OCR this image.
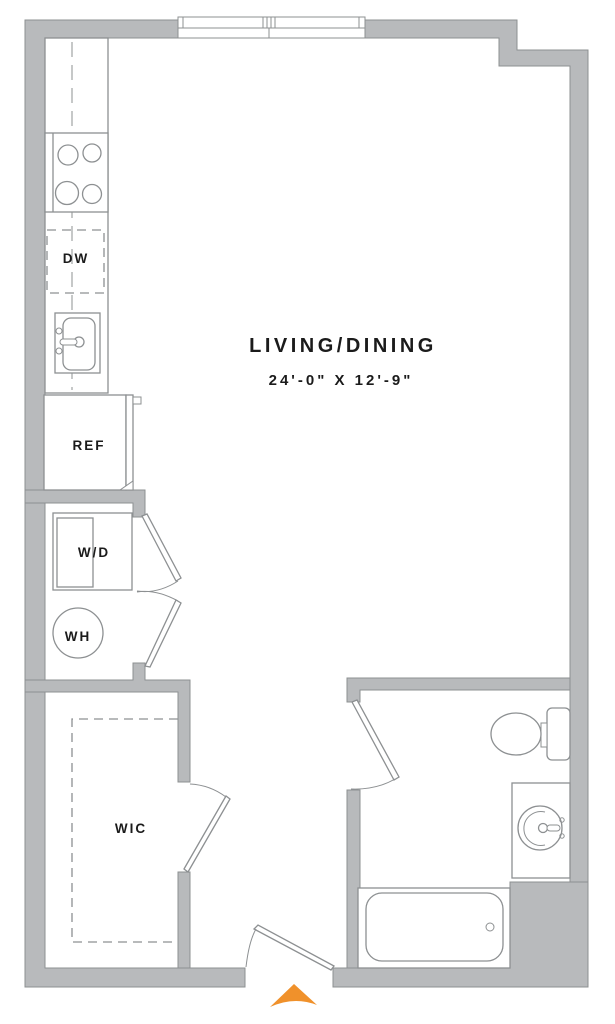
LIVING/DINING
24'-0" X 12'-9"
DW
REF
W/D
WH
WIC
